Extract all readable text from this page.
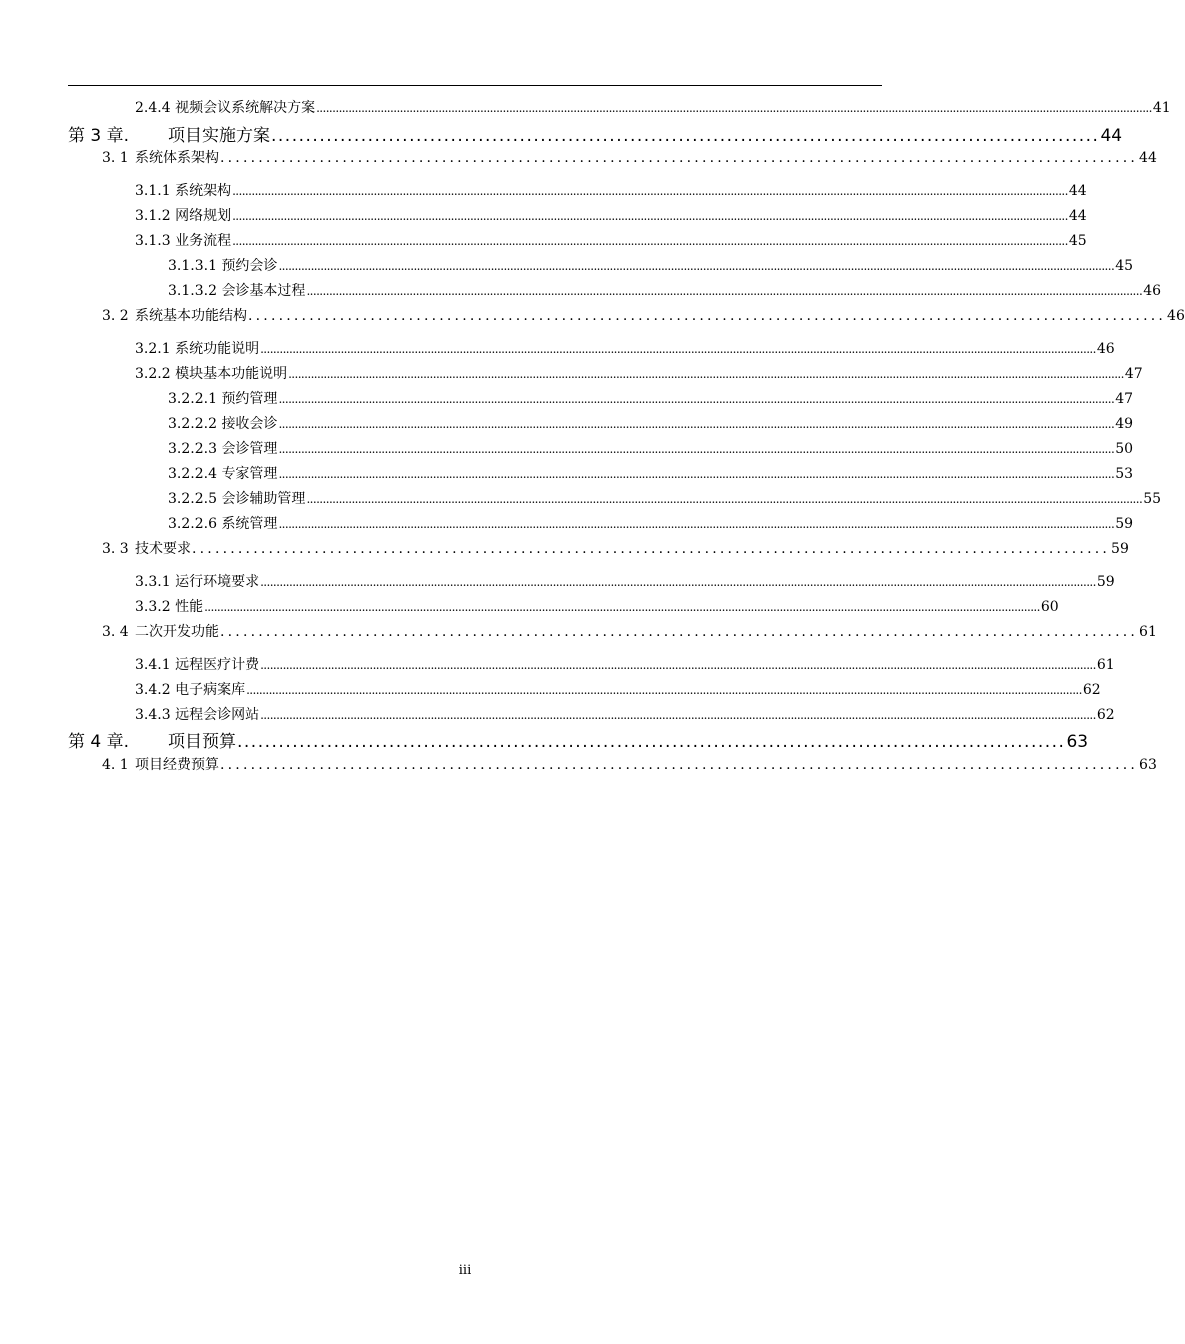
2.4.4 视频会议系统解决方案 .................................................................................................................................................................................................................................................................... 41
第 3 章. 项目实施方案 ........................................................................................................................ 44
3. 1 系统体系架构 ........................................................................................................................ 44
3.1.1 系统架构 .................................................................................................................................................................................................................................................................... 44
3.1.2 网络规划 .................................................................................................................................................................................................................................................................... 44
3.1.3 业务流程 .................................................................................................................................................................................................................................................................... 45
3.1.3.1 预约会诊 .................................................................................................................................................................................................................................................................... 45
3.1.3.2 会诊基本过程 .................................................................................................................................................................................................................................................................... 46
3. 2 系统基本功能结构 ........................................................................................................................ 46
3.2.1 系统功能说明 .................................................................................................................................................................................................................................................................... 46
3.2.2 模块基本功能说明 .................................................................................................................................................................................................................................................................... 47
3.2.2.1 预约管理 .................................................................................................................................................................................................................................................................... 47
3.2.2.2 接收会诊 .................................................................................................................................................................................................................................................................... 49
3.2.2.3 会诊管理 .................................................................................................................................................................................................................................................................... 50
3.2.2.4 专家管理 .................................................................................................................................................................................................................................................................... 53
3.2.2.5 会诊辅助管理 .................................................................................................................................................................................................................................................................... 55
3.2.2.6 系统管理 .................................................................................................................................................................................................................................................................... 59
3. 3 技术要求 ........................................................................................................................ 59
3.3.1 运行环境要求 .................................................................................................................................................................................................................................................................... 59
3.3.2 性能 .................................................................................................................................................................................................................................................................... 60
3. 4 二次开发功能 ........................................................................................................................ 61
3.4.1 远程医疗计费 .................................................................................................................................................................................................................................................................... 61
3.4.2 电子病案库 .................................................................................................................................................................................................................................................................... 62
3.4.3 远程会诊网站 .................................................................................................................................................................................................................................................................... 62
第 4 章. 项目预算 ........................................................................................................................ 63
4. 1 项目经费预算 ........................................................................................................................ 63
iii
